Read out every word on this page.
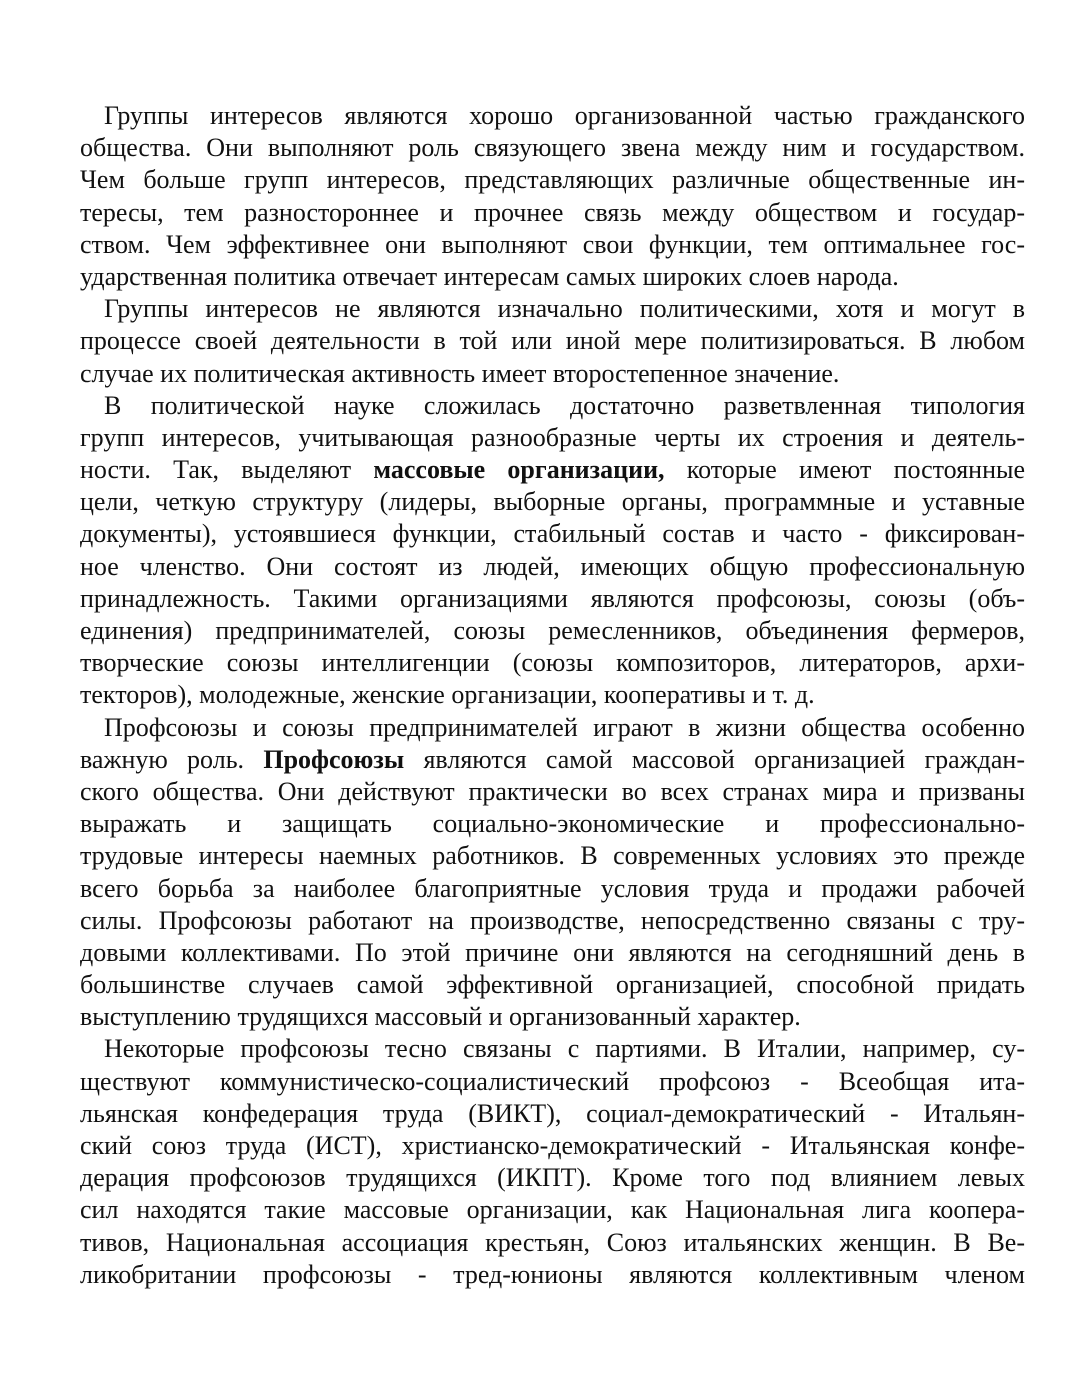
Группы интересов являются хорошо организованной частью гражданского
общества. Они выполняют роль связующего звена между ним и государством.
Чем больше групп интересов, представляющих различные общественные ин-
тересы, тем разностороннее и прочнее связь между обществом и государ-
ством. Чем эффективнее они выполняют свои функции, тем оптимальнее гос-
ударственная политика отвечает интересам самых широких слоев народа.
Группы интересов не являются изначально политическими, хотя и могут в
процессе своей деятельности в той или иной мере политизироваться. В любом
случае их политическая активность имеет второстепенное значение.
В политической науке сложилась достаточно разветвленная типология
групп интересов, учитывающая разнообразные черты их строения и деятель-
ности. Так, выделяют массовые организации, которые имеют постоянные
цели, четкую структуру (лидеры, выборные органы, программные и уставные
документы), устоявшиеся функции, стабильный состав и часто - фиксирован-
ное членство. Они состоят из людей, имеющих общую профессиональную
принадлежность. Такими организациями являются профсоюзы, союзы (объ-
единения) предпринимателей, союзы ремесленников, объединения фермеров,
творческие союзы интеллигенции (союзы композиторов, литераторов, архи-
текторов), молодежные, женские организации, кооперативы и т. д.
Профсоюзы и союзы предпринимателей играют в жизни общества особенно
важную роль. Профсоюзы являются самой массовой организацией граждан-
ского общества. Они действуют практически во всех странах мира и призваны
выражать и защищать социально-экономические и профессионально-
трудовые интересы наемных работников. В современных условиях это прежде
всего борьба за наиболее благоприятные условия труда и продажи рабочей
силы. Профсоюзы работают на производстве, непосредственно связаны с тру-
довыми коллективами. По этой причине они являются на сегодняшний день в
большинстве случаев самой эффективной организацией, способной придать
выступлению трудящихся массовый и организованный характер.
Некоторые профсоюзы тесно связаны с партиями. В Италии, например, су-
ществуют коммунистическо-социалистический профсоюз - Всеобщая ита-
льянская конфедерация труда (ВИКТ), социал-демократический - Итальян-
ский союз труда (ИСТ), христианско-демократический - Итальянская конфе-
дерация профсоюзов трудящихся (ИКПТ). Кроме того под влиянием левых
сил находятся такие массовые организации, как Национальная лига коопера-
тивов, Национальная ассоциация крестьян, Союз итальянских женщин. В Ве-
ликобритании профсоюзы - тред-юнионы являются коллективным членом
